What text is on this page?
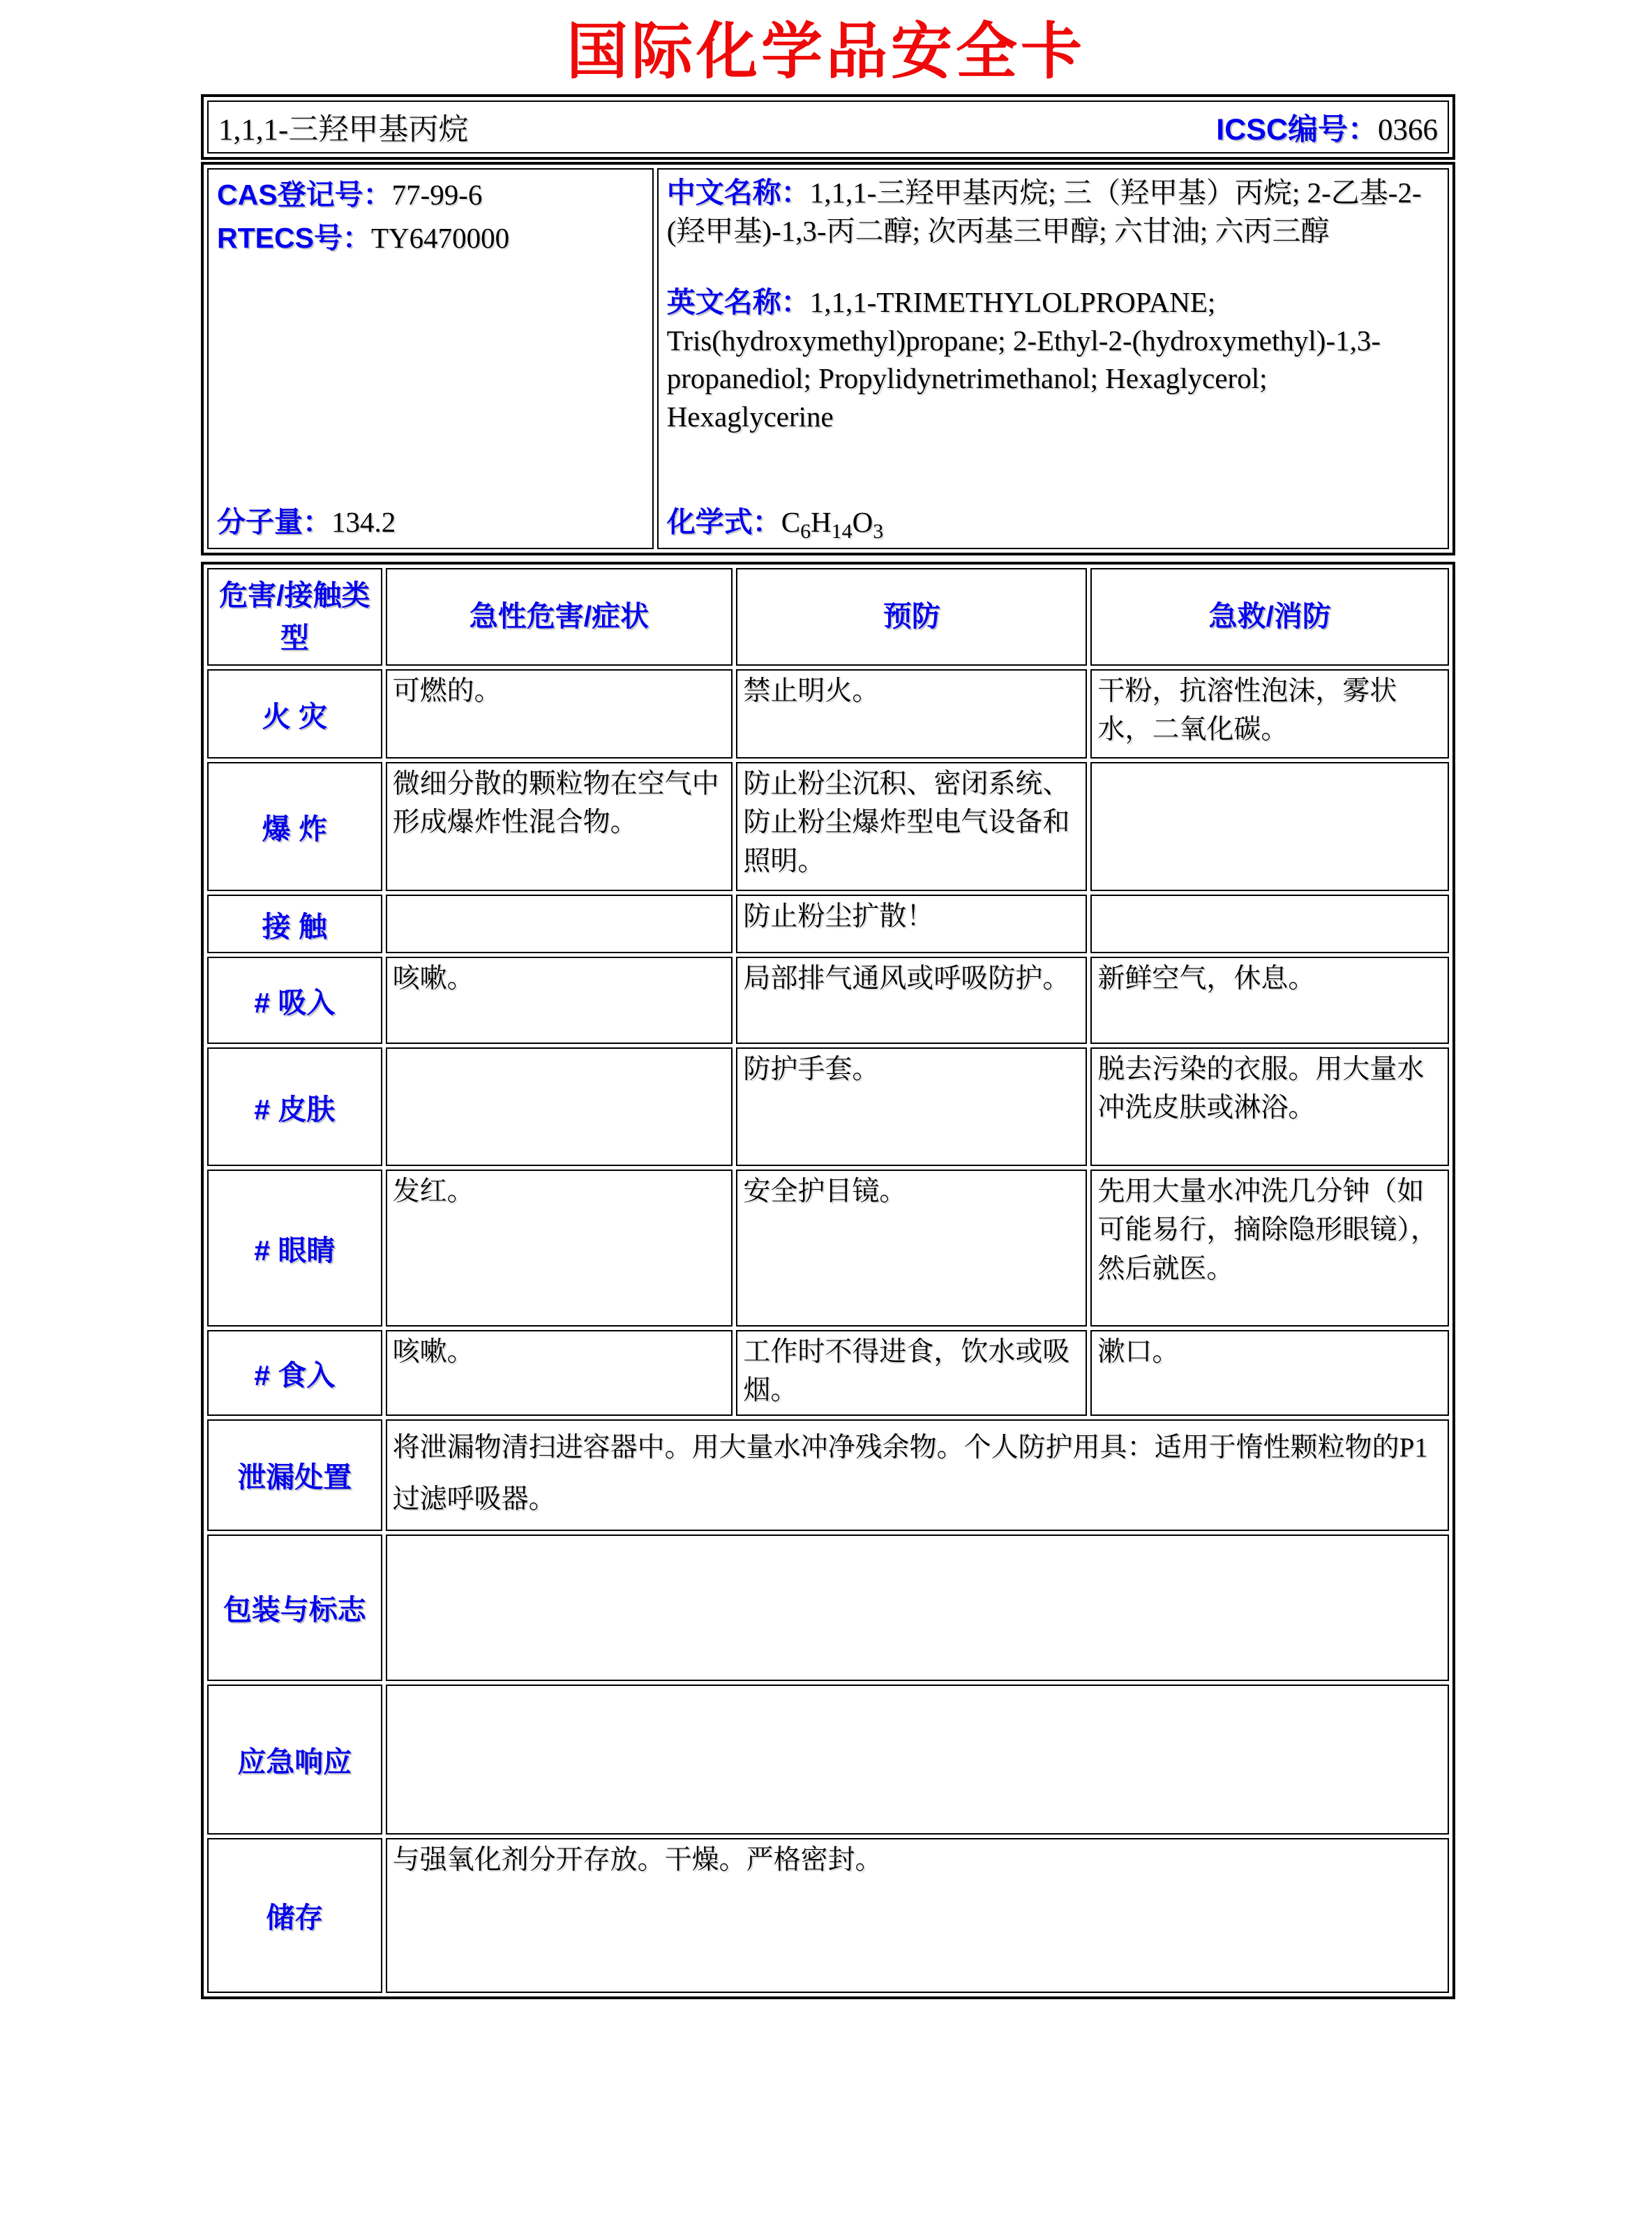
国际化学品安全卡
1,1,1-三羟甲基丙烷	ICSC编号：0366
CAS登记号：77-99-6
RTECS号：TY6470000
分子量：134.2

中文名称：1,1,1-三羟甲基丙烷; 三（羟甲基）丙烷; 2-乙基-2-(羟甲基)-1,3-丙二醇; 次丙基三甲醇; 六甘油; 六丙三醇

英文名称：1,1,1-TRIMETHYLOLPROPANE; Tris(hydroxymethyl)propane; 2-Ethyl-2-(hydroxymethyl)-1,3-propanediol; Propylidynetrimethanol; Hexaglycerol; Hexaglycerine

化学式：$C_6H_{14}O_3$
危害/接触类型	急性危害/症状	预防	急救/消防
火 灾	可燃的。	禁止明火。	干粉，抗溶性泡沫，雾状水，二氧化碳。
爆 炸	微细分散的颗粒物在空气中形成爆炸性混合物。	防止粉尘沉积、密闭系统、防止粉尘爆炸型电气设备和照明。	
接 触		防止粉尘扩散！	
# 吸入	咳嗽。	局部排气通风或呼吸防护。	新鲜空气，休息。
# 皮肤		防护手套。	脱去污染的衣服。用大量水冲洗皮肤或淋浴。
# 眼睛	发红。	安全护目镜。	先用大量水冲洗几分钟（如可能易行，摘除隐形眼镜），然后就医。
# 食入	咳嗽。	工作时不得进食，饮水或吸烟。	漱口。
泄漏处置	将泄漏物清扫进容器中。用大量水冲净残余物。个人防护用具：适用于惰性颗粒物的P1过滤呼吸器。		
包装与标志			
应急响应			
储存	与强氧化剂分开存放。干燥。严格密封。		
